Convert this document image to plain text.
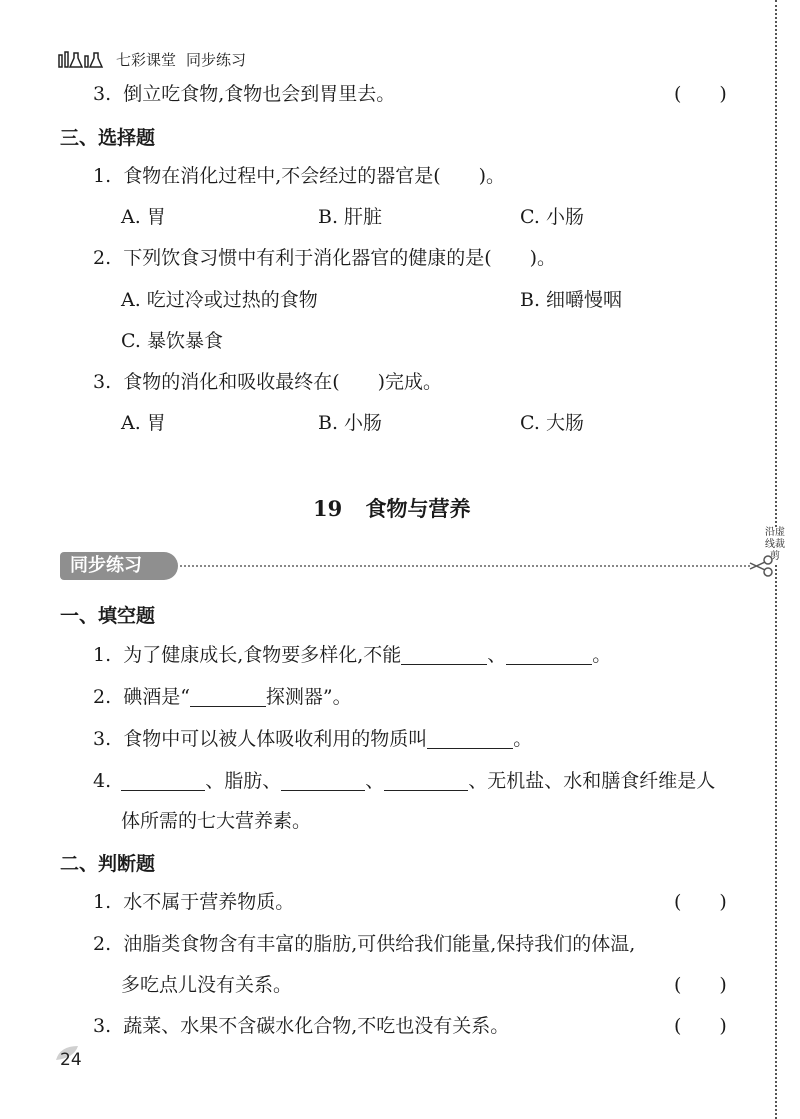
七彩课堂 同步练习
沿虚线裁剪
3. 倒立吃食物,食物也会到胃里去。	(　　)
三、选择题
1. 食物在消化过程中,不会经过的器官是(　　)。
A. 胃	B. 肝脏	C. 小肠
2. 下列饮食习惯中有利于消化器官的健康的是(　　)。
A. 吃过冷或过热的食物	B. 细嚼慢咽
C. 暴饮暴食
3. 食物的消化和吸收最终在(　　)完成。
A. 胃	B. 小肠	C. 大肠
19 食物与营养
同步练习
一、填空题
1. 为了健康成长,食物要多样化,不能	、	。
2. 碘酒是“	探测器”。
3. 食物中可以被人体吸收利用的物质叫	。
4.	、脂肪、	、	、无机盐、水和膳食纤维是人
体所需的七大营养素。
二、判断题
1. 水不属于营养物质。	(　　)
2. 油脂类食物含有丰富的脂肪,可供给我们能量,保持我们的体温,
多吃点儿没有关系。	(　　)
3. 蔬菜、水果不含碳水化合物,不吃也没有关系。	(　　)
24
